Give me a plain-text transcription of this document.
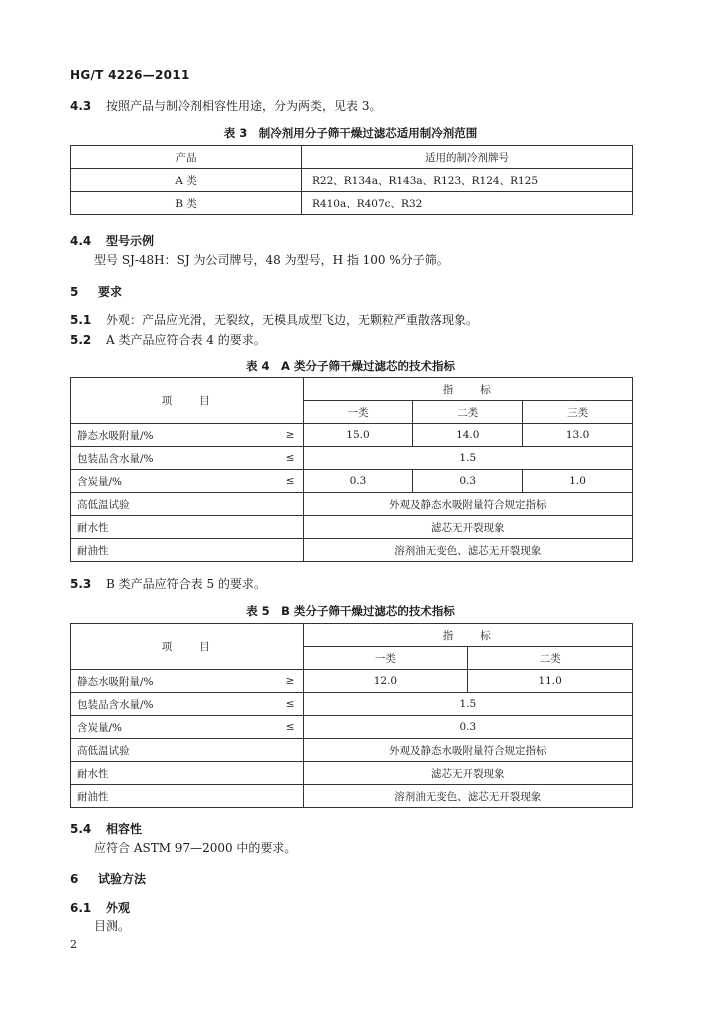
HG/T 4226—2011
4.3 按照产品与制冷剂相容性用途，分为两类，见表 3。
表 3　制冷剂用分子筛干燥过滤芯适用制冷剂范围
产品	适用的制冷剂牌号
A 类	R22、R134a、R143a、R123、R124、R125
B 类	R410a、R407c、R32
4.4 型号示例
型号 SJ-48H：SJ 为公司牌号，48 为型号，H 指 100 %分子筛。
5 要求
5.1 外观：产品应光滑，无裂纹，无模具成型飞边，无颗粒严重散落现象。
5.2 A 类产品应符合表 4 的要求。
表 4　A 类分子筛干燥过滤芯的技术指标
项　　目	指　　标		
	一类	二类	三类
静态水吸附量/% ≥	15.0	14.0	13.0
包装品含水量/% ≤	1.5		
含炭量/% ≤	0.3	0.3	1.0
高低温试验	外观及静态水吸附量符合规定指标		
耐水性	滤芯无开裂现象		
耐油性	溶剂油无变色、滤芯无开裂现象		
5.3 B 类产品应符合表 5 的要求。
表 5　B 类分子筛干燥过滤芯的技术指标
项　　目	指　　标	
	一类	二类
静态水吸附量/% ≥	12.0	11.0
包装品含水量/% ≤	1.5	
含炭量/% ≤	0.3	
高低温试验	外观及静态水吸附量符合规定指标	
耐水性	滤芯无开裂现象	
耐油性	溶剂油无变色、滤芯无开裂现象	
5.4 相容性
应符合 ASTM 97—2000 中的要求。
6 试验方法
6.1 外观
目测。
2
